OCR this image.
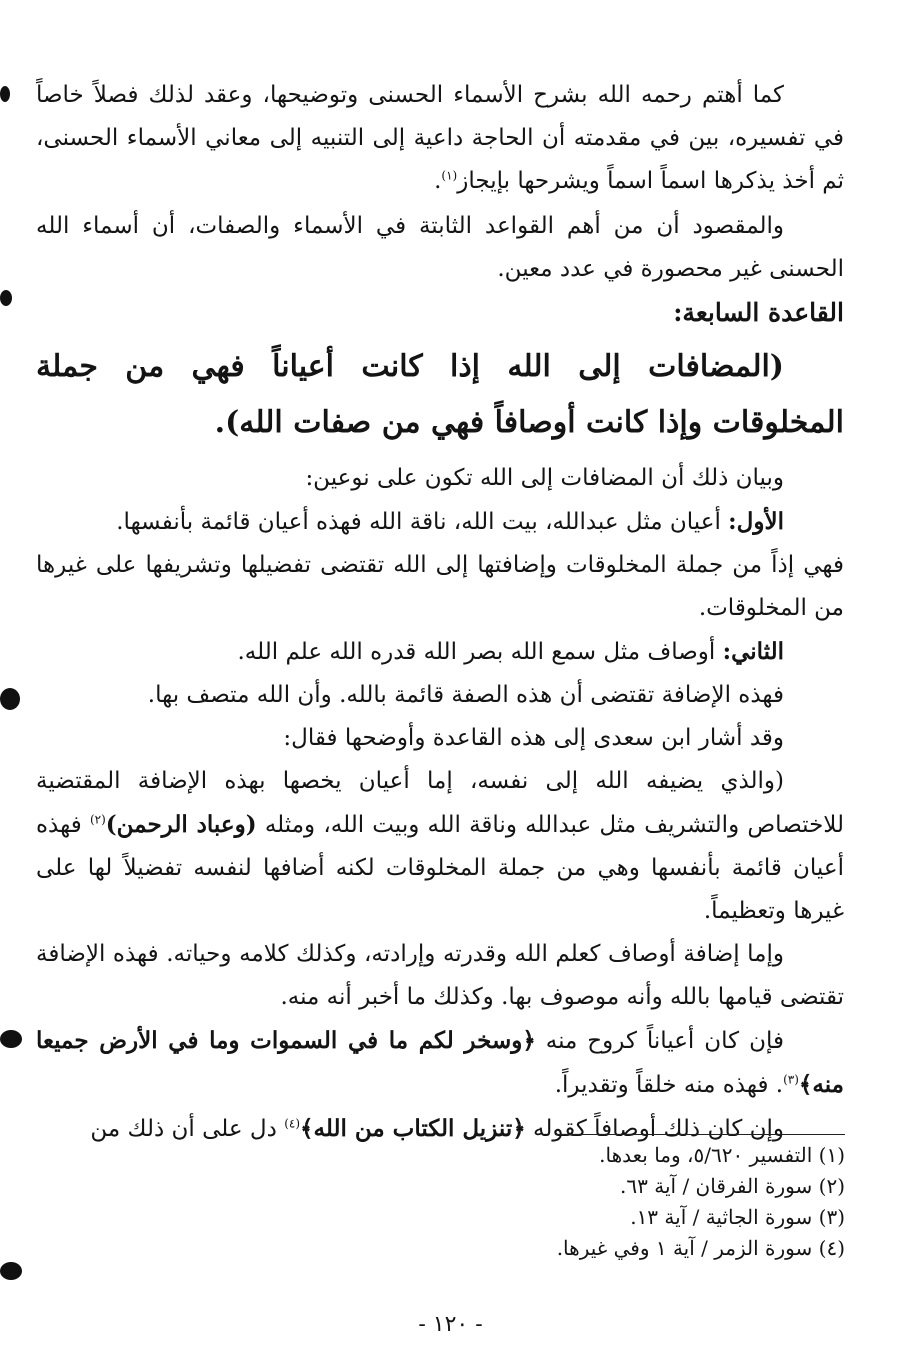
كما أهتم رحمه الله بشرح الأسماء الحسنى وتوضيحها، وعقد لذلك فصلاً خاصاً في تفسيره، بين في مقدمته أن الحاجة داعية إلى التنبيه إلى معاني الأسماء الحسنى، ثم أخذ يذكرها اسماً اسماً ويشرحها بإيجاز$^{(١)}$.

والمقصود أن من أهم القواعد الثابتة في الأسماء والصفات، أن أسماء الله الحسنى غير محصورة في عدد معين.

القاعدة السابعة:

(المضافات إلى الله إذا كانت أعياناً فهي من جملة المخلوقات وإذا كانت أوصافاً فهي من صفات الله).

وبيان ذلك أن المضافات إلى الله تكون على نوعين:

الأول: أعيان مثل عبدالله، بيت الله، ناقة الله فهذه أعيان قائمة بأنفسها.

فهي إذاً من جملة المخلوقات وإضافتها إلى الله تقتضى تفضيلها وتشريفها على غيرها من المخلوقات.

الثاني: أوصاف مثل سمع الله بصر الله قدره الله علم الله.

فهذه الإضافة تقتضى أن هذه الصفة قائمة بالله. وأن الله متصف بها.

وقد أشار ابن سعدى إلى هذه القاعدة وأوضحها فقال:

(والذي يضيفه الله إلى نفسه، إما أعيان يخصها بهذه الإضافة المقتضية للاختصاص والتشريف مثل عبدالله وناقة الله وبيت الله، ومثله (وعباد الرحمن)$^{(٢)}$ فهذه أعيان قائمة بأنفسها وهي من جملة المخلوقات لكنه أضافها لنفسه تفضيلاً لها على غيرها وتعظيماً.

وإما إضافة أوصاف كعلم الله وقدرته وإرادته، وكذلك كلامه وحياته. فهذه الإضافة تقتضى قيامها بالله وأنه موصوف بها. وكذلك ما أخبر أنه منه.

فإن كان أعياناً كروح منه ﴿وسخر لكم ما في السموات وما في الأرض جميعا منه﴾$^{(٣)}$. فهذه منه خلقاً وتقديراً.

وإن كان ذلك أوصافاً كقوله ﴿تنزيل الكتاب من الله﴾$^{(٤)}$ دل على أن ذلك من

(١) التفسير ٥/٦٢٠، وما بعدها.

(٢) سورة الفرقان / آية ٦٣.

(٣) سورة الجاثية / آية ١٣.

(٤) سورة الزمر / آية ١ وفي غيرها.

- ١٢٠ -
